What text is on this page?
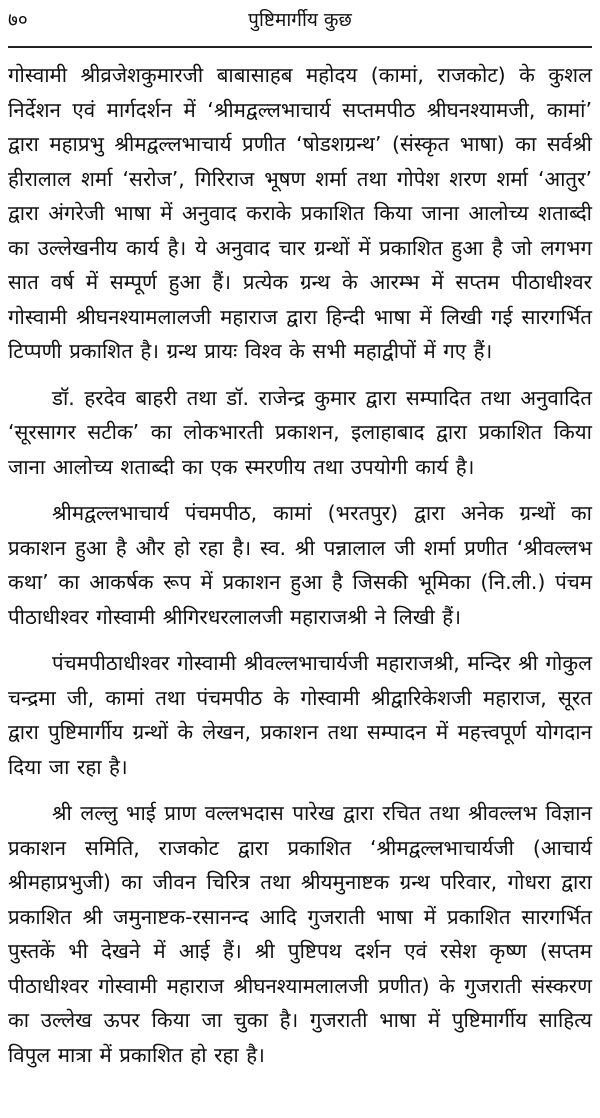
७०	पुष्टिमार्गीय कुछ

गोस्वामी श्रीव्रजेशकुमारजी बाबासाहब महोदय (कामां, राजकोट) के कुशल निर्देशन एवं मार्गदर्शन में ‘श्रीमद्वल्लभाचार्य सप्तमपीठ श्रीघनश्यामजी, कामां’ द्वारा महाप्रभु श्रीमद्वल्लभाचार्य प्रणीत ‘षोडशग्रन्थ’ (संस्कृत भाषा) का सर्वश्री हीरालाल शर्मा ‘सरोज’, गिरिराज भूषण शर्मा तथा गोपेश शरण शर्मा ‘आतुर’ द्वारा अंगरेजी भाषा में अनुवाद कराके प्रकाशित किया जाना आलोच्य शताब्दी का उल्लेखनीय कार्य है। ये अनुवाद चार ग्रन्थों में प्रकाशित हुआ है जो लगभग सात वर्ष में सम्पूर्ण हुआ हैं। प्रत्येक ग्रन्थ के आरम्भ में सप्तम पीठाधीश्वर गोस्वामी श्रीघनश्यामलालजी महाराज द्वारा हिन्दी भाषा में लिखी गई सारगर्भित टिप्पणी प्रकाशित है। ग्रन्थ प्रायः विश्व के सभी महाद्वीपों में गए हैं।

डॉ. हरदेव बाहरी तथा डॉ. राजेन्द्र कुमार द्वारा सम्पादित तथा अनुवादित ‘सूरसागर सटीक’ का लोकभारती प्रकाशन, इलाहाबाद द्वारा प्रकाशित किया जाना आलोच्य शताब्दी का एक स्मरणीय तथा उपयोगी कार्य है।

श्रीमद्वल्लभाचार्य पंचमपीठ, कामां (भरतपुर) द्वारा अनेक ग्रन्थों का प्रकाशन हुआ है और हो रहा है। स्व. श्री पन्नालाल जी शर्मा प्रणीत ‘श्रीवल्लभ कथा’ का आकर्षक रूप में प्रकाशन हुआ है जिसकी भूमिका (नि.ली.) पंचम पीठाधीश्वर गोस्वामी श्रीगिरधरलालजी महाराजश्री ने लिखी हैं।

पंचमपीठाधीश्वर गोस्वामी श्रीवल्लभाचार्यजी महाराजश्री, मन्दिर श्री गोकुल चन्द्रमा जी, कामां तथा पंचमपीठ के गोस्वामी श्रीद्वारिकेशजी महाराज, सूरत द्वारा पुष्टिमार्गीय ग्रन्थों के लेखन, प्रकाशन तथा सम्पादन में महत्त्वपूर्ण योगदान दिया जा रहा है।

श्री लल्लु भाई प्राण वल्लभदास पारेख द्वारा रचित तथा श्रीवल्लभ विज्ञान प्रकाशन समिति, राजकोट द्वारा प्रकाशित ‘श्रीमद्वल्लभाचार्यजी (आचार्य श्रीमहाप्रभुजी) का जीवन चिरित्र तथा श्रीयमुनाष्टक ग्रन्थ परिवार, गोधरा द्वारा प्रकाशित श्री जमुनाष्टक-रसानन्द आदि गुजराती भाषा में प्रकाशित सारगर्भित पुस्तकें भी देखने में आई हैं। श्री पुष्टिपथ दर्शन एवं रसेश कृष्ण (सप्तम पीठाधीश्वर गोस्वामी महाराज श्रीघनश्यामलालजी प्रणीत) के गुजराती संस्करण का उल्लेख ऊपर किया जा चुका है। गुजराती भाषा में पुष्टिमार्गीय साहित्य विपुल मात्रा में प्रकाशित हो रहा है।
